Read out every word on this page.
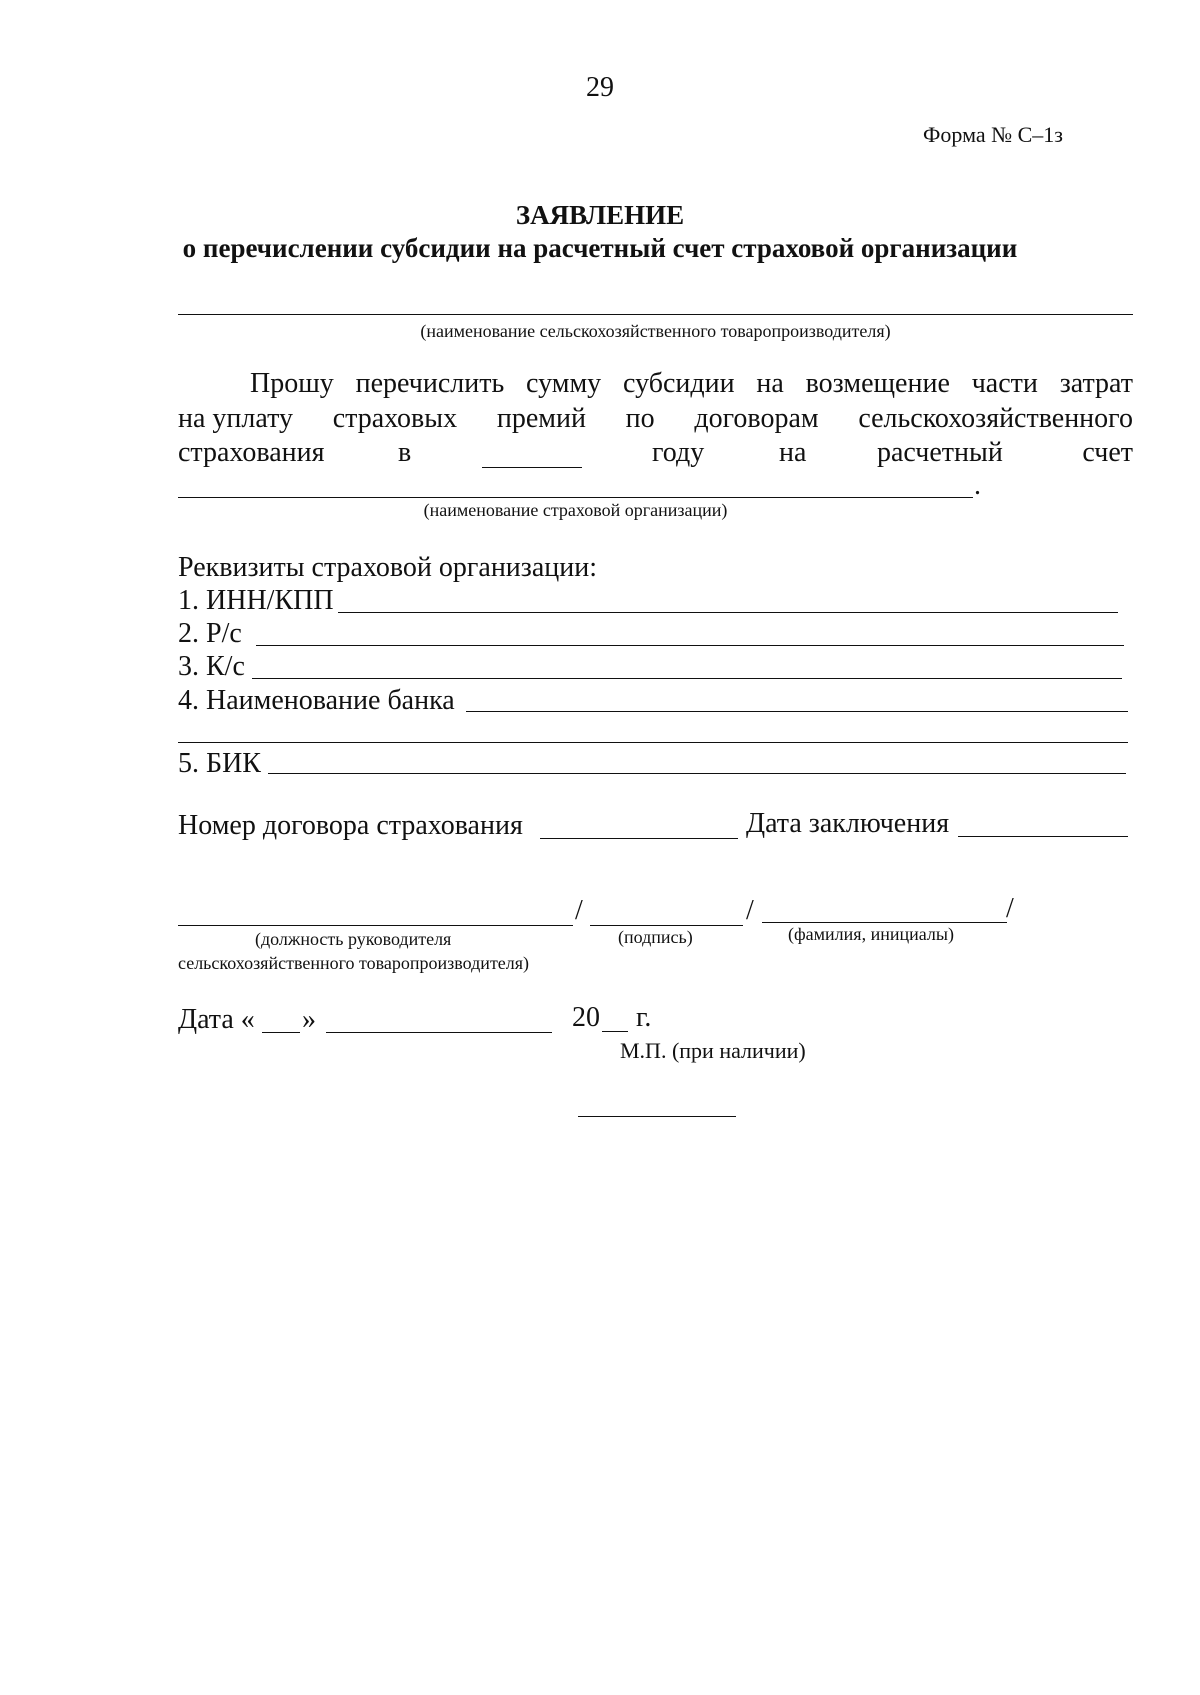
29
Форма № С–1з
ЗАЯВЛЕНИЕ
о перечислении субсидии на расчетный счет страховой организации
(наименование сельскохозяйственного товаропроизводителя)
Прошу перечислить сумму субсидии на возмещение части затрат
на уплату страховых премий по договорам сельскохозяйственного
страхования	в	году	на	расчетный	счет
.
(наименование страховой организации)
Реквизиты страховой организации:
1. ИНН/КПП
2. Р/с
3. К/с
4. Наименование банка
5. БИК
Номер договора страхования	Дата заключения
/	/	/
(должность руководителя
сельскохозяйственного товаропроизводителя)
(подпись)	(фамилия, инициалы)
Дата « »	20 г.
М.П. (при наличии)
